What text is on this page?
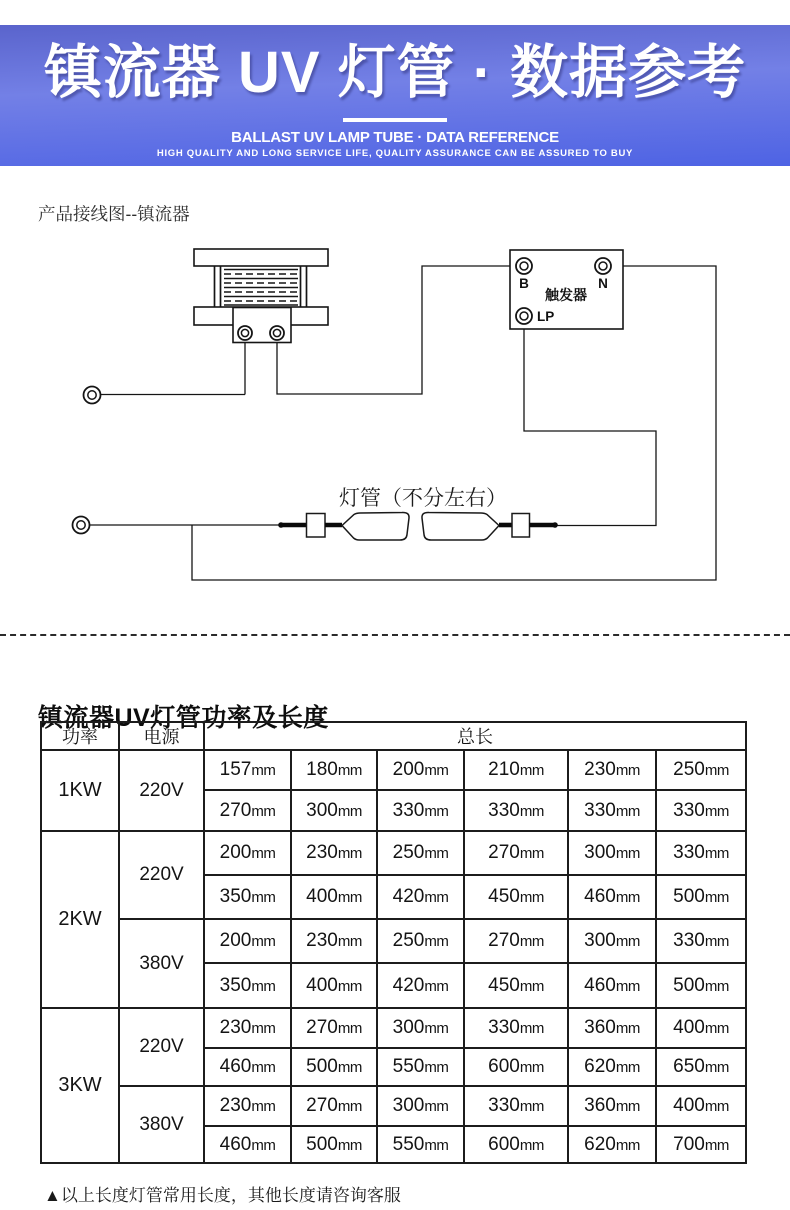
镇流器 UV 灯管 · 数据参考
BALLAST UV LAMP TUBE · DATA REFERENCE
HIGH QUALITY AND LONG SERVICE LIFE, QUALITY ASSURANCE CAN BE ASSURED TO BUY
产品接线图--镇流器
B	N
触发器
LP
灯管（不分左右）
镇流器UV灯管功率及长度
功率	电源	总长					
1KW	220V	157mm	180mm	200mm	210mm	230mm	250mm
		270mm	300mm	330mm	330mm	330mm	330mm
2KW	220V	200mm	230mm	250mm	270mm	300mm	330mm
		350mm	400mm	420mm	450mm	460mm	500mm
	380V	200mm	230mm	250mm	270mm	300mm	330mm
		350mm	400mm	420mm	450mm	460mm	500mm
3KW	220V	230mm	270mm	300mm	330mm	360mm	400mm
		460mm	500mm	550mm	600mm	620mm	650mm
	380V	230mm	270mm	300mm	330mm	360mm	400mm
		460mm	500mm	550mm	600mm	620mm	700mm
▲以上长度灯管常用长度，其他长度请咨询客服
